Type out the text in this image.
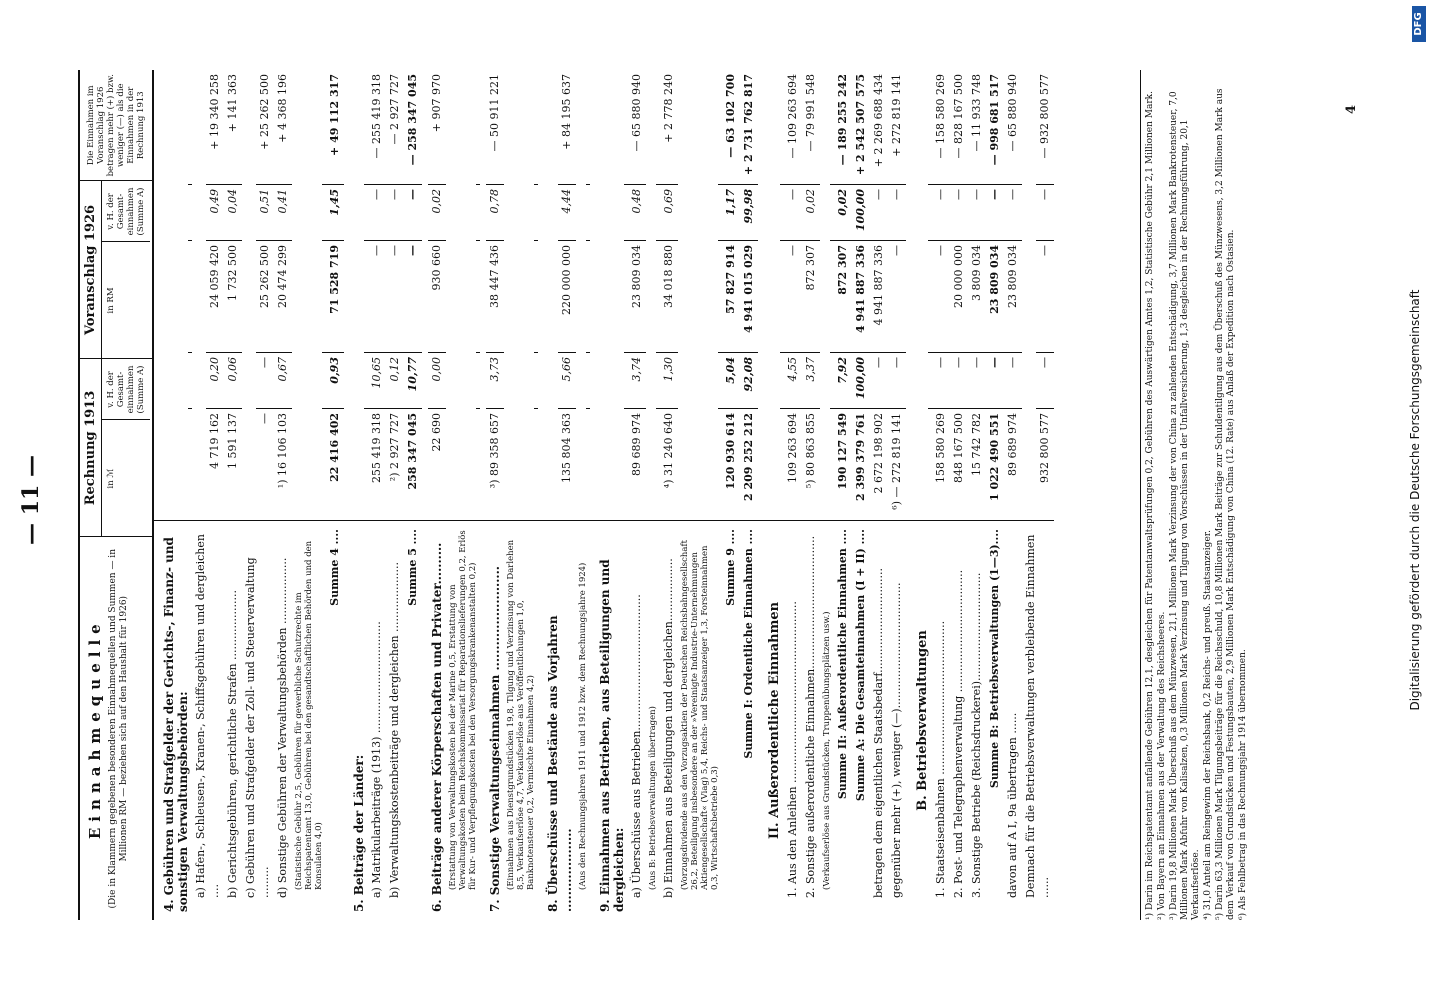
— 11 —
Einnahmequelle (Die in Klammern gegebenen besonderen Einnahmequellen und Summen — in Millionen RM — beziehen sich auf den Haushalt für 1926)
Rechnung 1913 in ℳ
v. H. der Gesamt-einnahmen (Summe A)
Voranschlag 1926 in RM
v. H. der Gesamt-einnahmen (Summe A)
Die Einnahmen im Voranschlag 1926 betragen mehr (+) bzw. weniger (—) als die Einnahmen in der Rechnung 1913
4. Gebühren und Strafgelder der Gerichts-, Finanz- und sonstigen Verwaltungsbehörden: a) Hafen-, Schleusen-, Kranen-, Schiffsgebühren und dergleichen ....
4 719 162
0,20
24 059 420
0,49
+ 19 340 258
b) Gerichtsgebühren, gerichtliche Strafen ....................
1 591 137
0,06
1 732 500
0,04
+ 141 363
c) Gebühren und Strafgelder der Zoll- und Steuerverwaltung .........
—
—
25 262 500
0,51
+ 25 262 500
d) Sonstige Gebühren der Verwaltungsbehörden ...................
¹) 16 106 103
0,67
20 474 299
0,41
+ 4 368 196
(Statistische Gebühr 2,5, Gebühren für gewerbliche Schutzrechte im Reichspatentamt 13,0, Gebühren bei den gesandtschaftlichen Behörden und den Konsulaten 4,0)
Summe 4 ....
22 416 402
0,93
71 528 719
1,45
+ 49 112 317
5. Beiträge der Länder: a) Matrikularbeiträge (1913) ................................
255 419 318
10,65
—
—
— 255 419 318
b) Verwaltungskostenbeiträge und dergleichen ....................
²) 2 927 727
0,12
—
—
— 2 927 727
Summe 5 ....
258 347 045
10,77
—
—
— 258 347 045
6. Beiträge anderer Körperschaften und Privater..........
22 690
0,00
930 660
0,02
+ 907 970
(Erstattung von Verwaltungskosten bei der Marine 0,5, Erstattung von Verwaltungskosten beim Reichskommissariat für Reparationslieferungen 0,2, Erlös für Kur- und Verpflegungskosten bei den Versorgungskrankenanstalten 0,2) 7. Sonstige Verwaltungseinnahmen .........................
³) 89 358 657
3,73
38 447 436
0,78
— 50 911 221
(Einnahmen aus Dienstgrundstücken 19,8, Tilgung und Verzinsung von Darlehen 8,5, Verkaufserlöse 4,7, Verkaufserlöse aus Veröffentlichungen 1,0, Banknotensteuer 0,2, Vermischte Einnahmen 4,2) 8. Überschüsse und Bestände aus Vorjahren ....................
135 804 363
5,66
220 000 000
4,44
+ 84 195 637
(Aus den Rechnungsjahren 1911 und 1912 bzw. dem Rechnungsjahre 1924) 9. Einnahmen aus Betrieben, aus Beteiligungen und dergleichen: a) Überschüsse aus Betrieben.......................................
89 689 974
3,74
23 809 034
0,48
— 65 880 940
(Aus B: Betriebsverwaltungen übertragen) b) Einnahmen aus Beteiligungen und dergleichen..................
⁴) 31 240 640
1,30
34 018 880
0,69
+ 2 778 240
(Vorzugsdividende aus den Vorzugsaktien der Deutschen Reichsbahngesellschaft 26,2, Beteiligung insbesondere an der »Vereinigte Industrie-Unternehmungen Aktiengesellschaft« (Viag) 5,4, Reichs- und Staatsanzeiger 1,3, Forsteinnahmen 0,3, Wirtschaftsbetriebe 0,3)
Summe 9 ....
120 930 614
5,04
57 827 914
1,17
— 63 102 700
Summe I: Ordentliche Einnahmen ....
2 209 252 212
92,08
4 941 015 029
99,98
+ 2 731 762 817
II. Außerordentliche Einnahmen 1. Aus den Anleihen ....................................................
109 263 694
4,55
—
—
— 109 263 694
2. Sonstige außerordentliche Einnahmen......................................
⁵) 80 863 855
3,37
872 307
0,02
— 79 991 548
(Verkaufserlöse aus Grundstücken, Truppenübungsplätzen usw.) Summe II: Außerordentliche Einnahmen ....
190 127 549
7,92
872 307
0,02
— 189 255 242
Summe A: Die Gesamteinnahmen (I + II) ....
2 399 379 761
100,00
4 941 887 336
100,00
+ 2 542 507 575
betragen dem eigentlichen Staatsbedarf..............................
2 672 198 902
—
4 941 887 336
—
+ 2 269 688 434
gegenüber mehr (+), weniger (—)....................................
⁶) — 272 819 141
—
—
—
+ 272 819 141
B. Betriebsverwaltungen 1. Staatseisenbahnen ............................................
158 580 269
—
—
—
— 158 580 269
2. Post- und Telegraphenverwaltung ...................................
848 167 500
—
20 000 000
—
— 828 167 500
3. Sonstige Betriebe (Reichsdruckerei)...............................
15 742 782
—
3 809 034
—
— 11 933 748
Summe B: Betriebsverwaltungen (1—3)....
1 022 490 551
—
23 809 034
—
— 998 681 517
davon auf A I, 9a übertragen ......
89 689 974
—
23 809 034
—
— 65 880 940
Demnach für die Betriebsverwaltungen verbleibende Einnahmen ......
932 800 577
—
—
—
— 932 800 577	¹) Darin im Reichspatentamt anfallende Gebühren 12,1, desgleichen für Patentanwaltsprüfungen 0,2, Gebühren des Auswärtigen Amtes 1,2, Statistische Gebühr 2,1 Millionen Mark. ²) Von Bayern an Einnahmen aus der Verwaltung des Reichsheeres. ³) Darin 19,8 Millionen Mark Überschuß aus dem Münzwesen, 21,1 Millionen Mark Verzinsung der von China zu zahlenden Entschädigung, 3,7 Millionen Mark Bankrotensteuer, 7,0 Millionen Mark Abfuhr von Kalisalzen, 0,3 Millionen Mark Verzinsung und Tilgung von Vorschüssen in der Unfallversicherung, 1,3 desgleichen in der Rechnungsführung, 20,1 Verkaufserlöse. ⁴) 31,0 Anteil am Reingewinn der Reichsbank, 0,2 Reichs- und preuß. Staatsanzeiger. ⁵) Darin 63,3 Millionen Mark Tilgungsbeiträge für die Reichsschuld, 10,8 Millionen Mark Beiträge zur Schuldentilgung aus dem Überschuß des Münzwesens, 3,2 Millionen Mark aus dem Verkauf von Grundstücken und Festungsbauten, 2,9 Millionen Mark Entschädigung von China (12. Rate) aus Anlaß der Expedition nach Ostasien. ⁶) Als Fehlbetrag in das Rechnungsjahr 1914 übernommen.
4
Digitalisierung gefördert durch die Deutsche Forschungsgemeinschaft
DFG
